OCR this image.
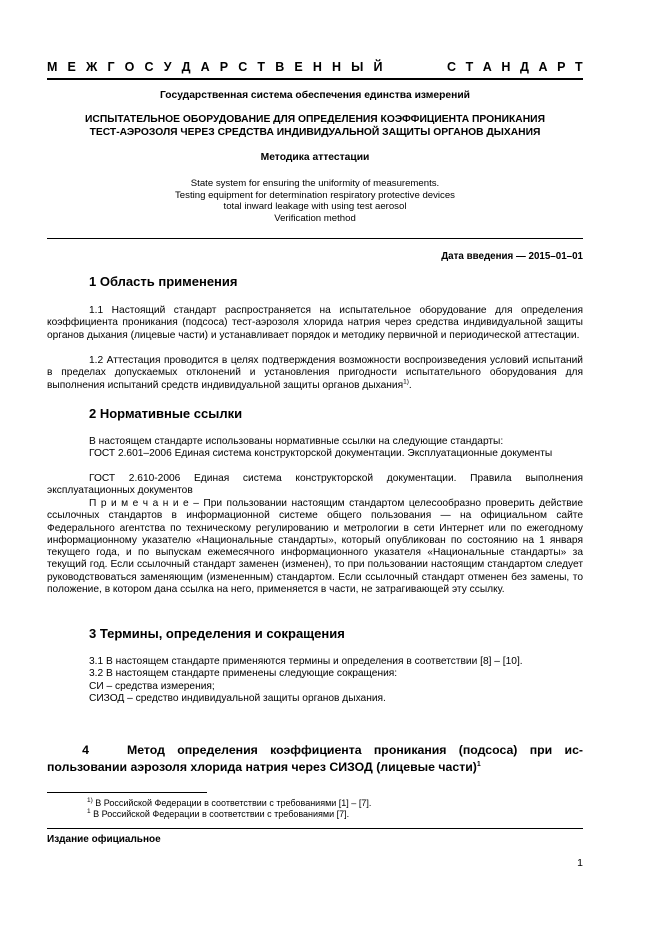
М Е Ж Г О С У Д А Р С Т В Е Н Н Ы Й	С Т А Н Д А Р Т
Государственная система обеспечения единства измерений
ИСПЫТАТЕЛЬНОЕ ОБОРУДОВАНИЕ ДЛЯ ОПРЕДЕЛЕНИЯ КОЭФФИЦИЕНТА ПРОНИКАНИЯ
ТЕСТ-АЭРОЗОЛЯ ЧЕРЕЗ СРЕДСТВА ИНДИВИДУАЛЬНОЙ ЗАЩИТЫ ОРГАНОВ ДЫХАНИЯ
Методика аттестации
State system for ensuring the uniformity of measurements.
Testing equipment for determination respiratory protective devices
total inward leakage with using test aerosol
Verification method
Дата введения — 2015–01–01
1 Область применения
1.1 Настоящий стандарт распространяется на испытательное оборудование для определения коэффициента проникания (подсоса) тест-аэрозоля хлорида натрия через средства индивидуальной защиты органов дыхания (лицевые части) и устанавливает порядок и методику первичной и периодической аттестации.
1.2 Аттестация проводится в целях подтверждения возможности воспроизведения условий испытаний в пределах допускаемых отклонений и установления пригодности испытательного оборудования для выполнения испытаний средств индивидуальной защиты органов дыхания$^{1)}$.
2 Нормативные ссылки
В настоящем стандарте использованы нормативные ссылки на следующие стандарты:
ГОСТ 2.601–2006 Единая система конструкторской документации. Эксплуатационные документы
ГОСТ 2.610-2006 Единая система конструкторской документации. Правила выполнения эксплуатационных документов
П р и м е ч а н и е – При пользовании настоящим стандартом целесообразно проверить действие ссылочных стандартов в информационной системе общего пользования — на официальном сайте Федерального агентства по техническому регулированию и метрологии в сети Интернет или по ежегодному информационному указателю «Национальные стандарты», который опубликован по состоянию на 1 января текущего года, и по выпускам ежемесячного информационного указателя «Национальные стандарты» за текущий год. Если ссылочный стандарт заменен (изменен), то при пользовании настоящим стандартом следует руководствоваться заменяющим (измененным) стандартом. Если ссылочный стандарт отменен без замены, то положение, в котором дана ссылка на него, применяется в части, не затрагивающей эту ссылку.
3 Термины, определения и сокращения
3.1 В настоящем стандарте применяются термины и определения в соответствии [8] – [10].
3.2 В настоящем стандарте применены следующие сокращения:
СИ – средства измерения;
СИЗОД – средство индивидуальной защиты органов дыхания.
4	Метод определения коэффициента проникания (подсоса) при ис-
пользовании аэрозоля хлорида натрия через СИЗОД (лицевые части)$^1$
$^{1)}$ В Российской Федерации в соответствии с требованиями [1] – [7].
$^1$ В Российской Федерации в соответствии с требованиями [7].
Издание официальное
1
